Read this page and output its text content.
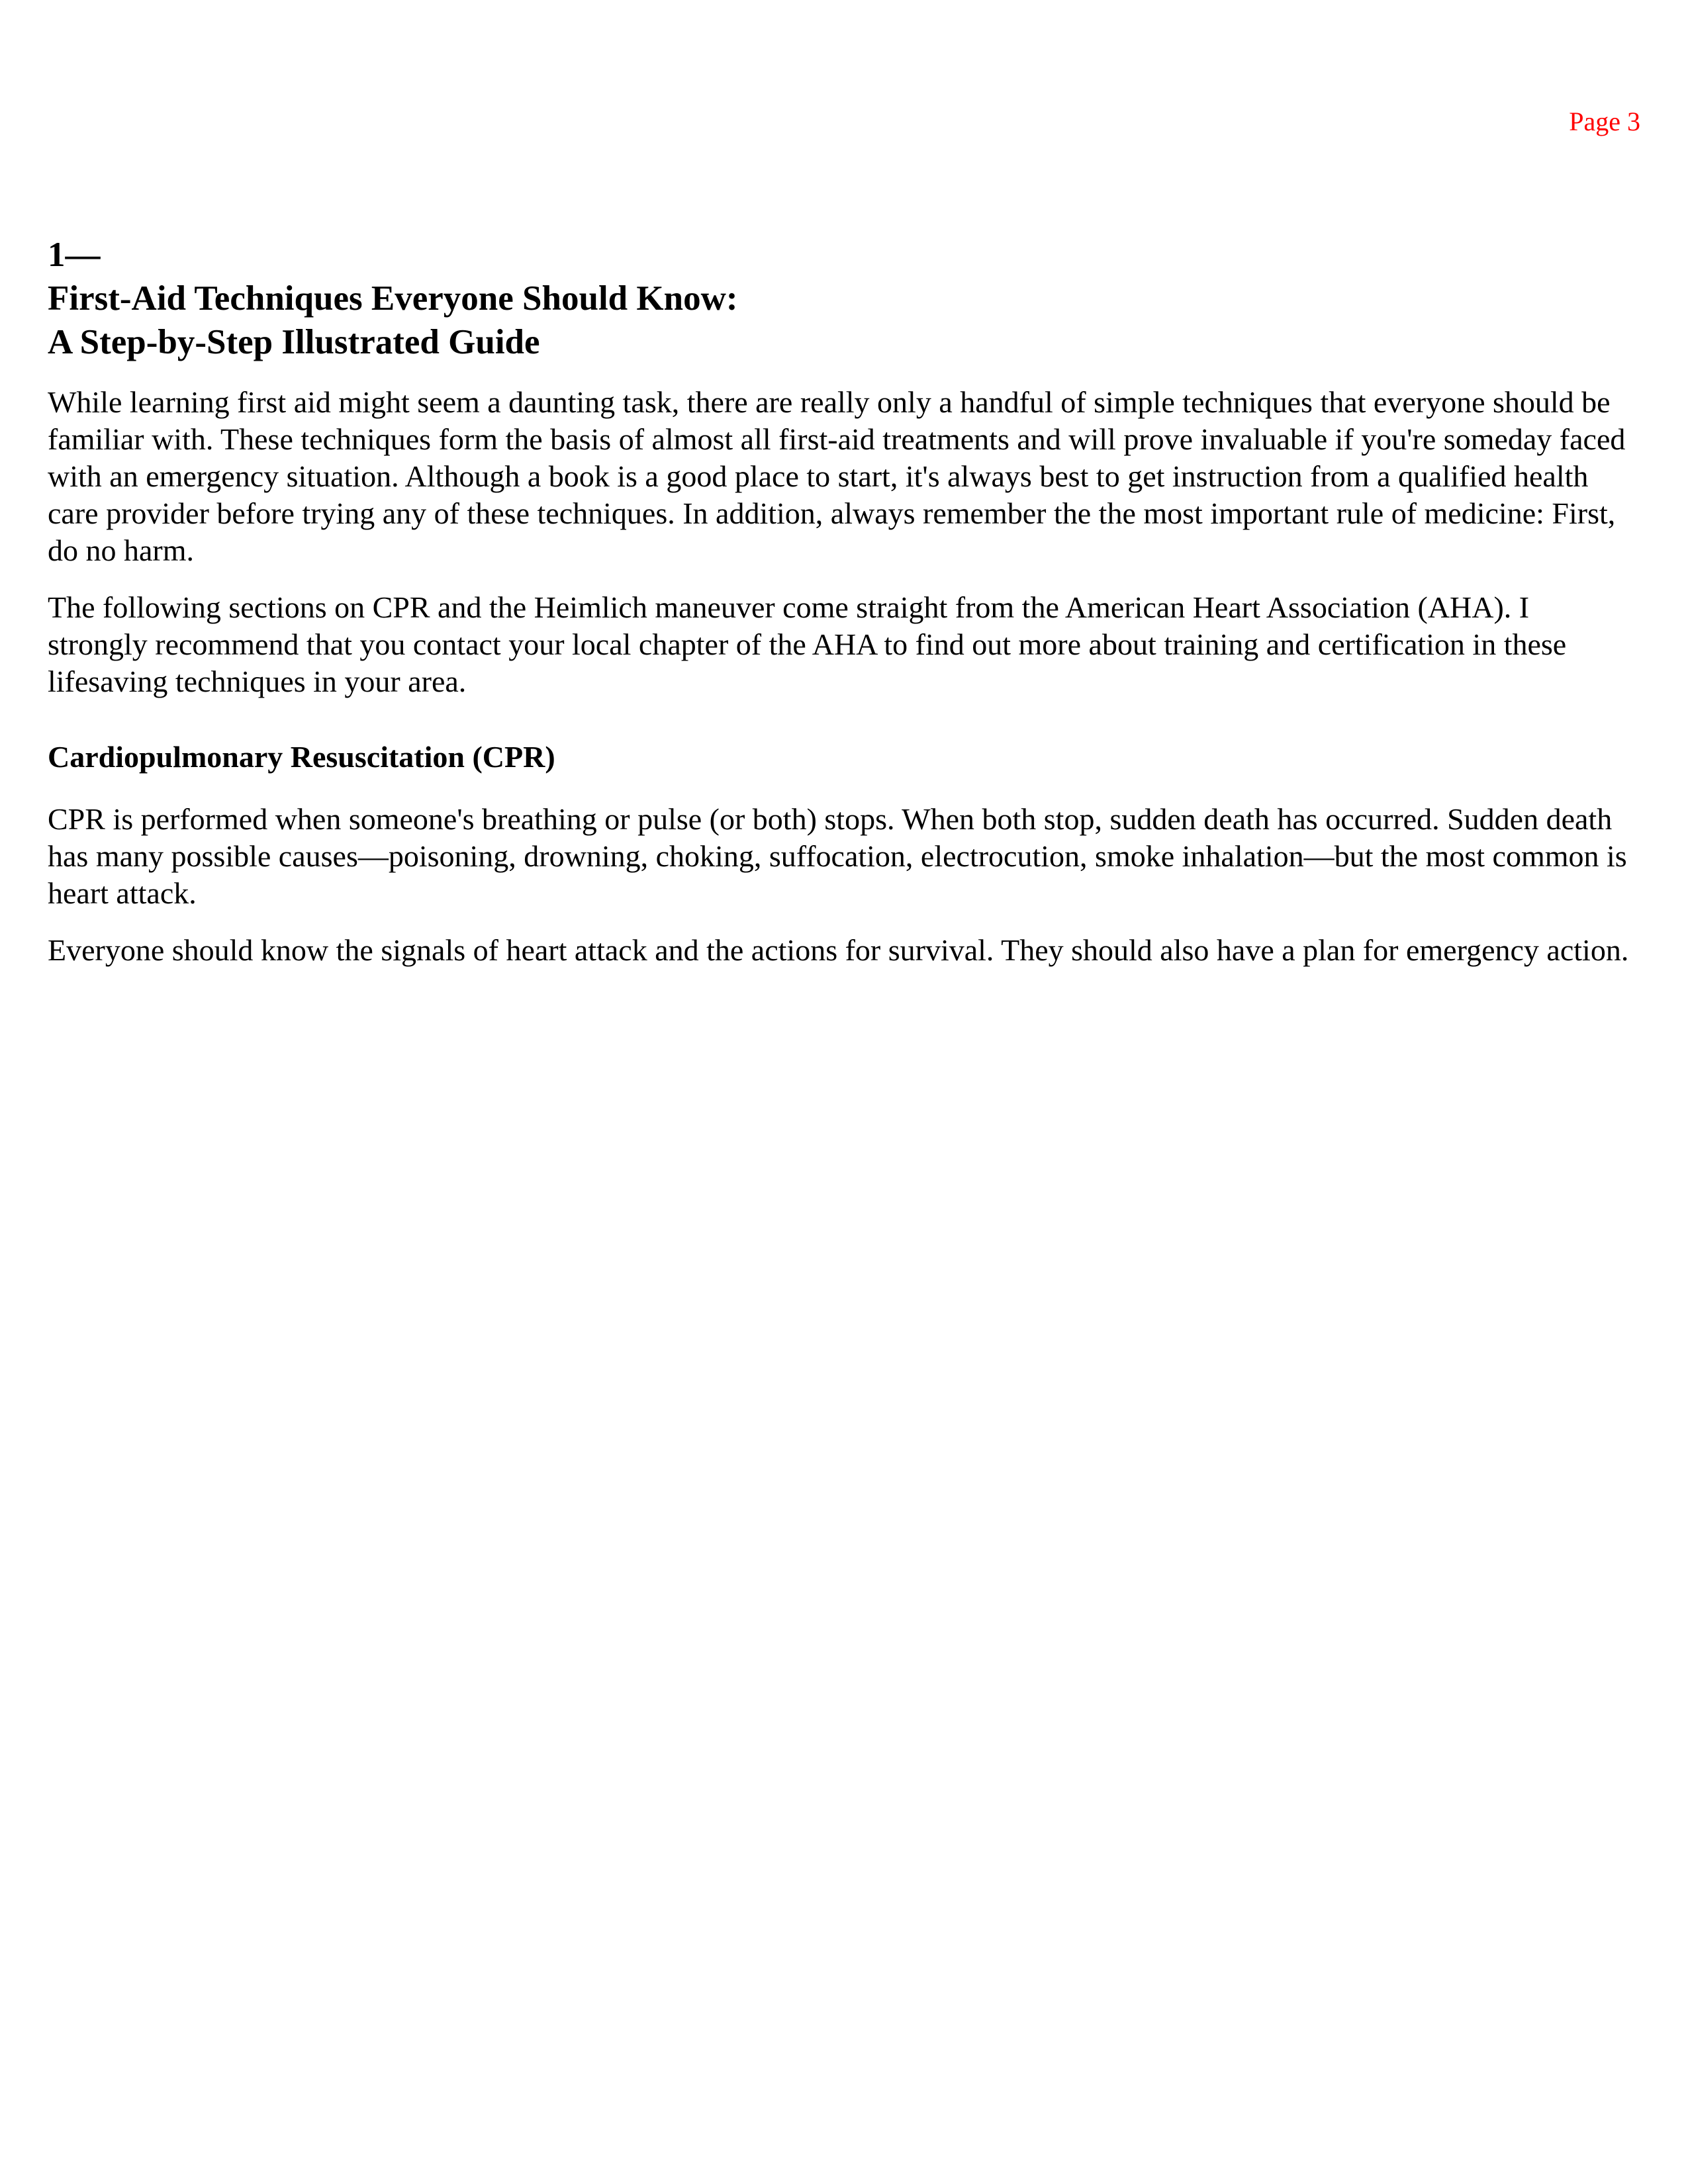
Page 3
1—
First-Aid Techniques Everyone Should Know:
A Step-by-Step Illustrated Guide

While learning first aid might seem a daunting task, there are really only a handful of simple techniques that everyone should be familiar with. These techniques form the basis of almost all first-aid treatments and will prove invaluable if you're someday faced with an emergency situation. Although a book is a good place to start, it's always best to get instruction from a qualified health care provider before trying any of these techniques. In addition, always remember the the most important rule of medicine: First, do no harm.

The following sections on CPR and the Heimlich maneuver come straight from the American Heart Association (AHA). I strongly recommend that you contact your local chapter of the AHA to find out more about training and certification in these lifesaving techniques in your area.

Cardiopulmonary Resuscitation (CPR)

CPR is performed when someone's breathing or pulse (or both) stops. When both stop, sudden death has occurred. Sudden death has many possible causes—poisoning, drowning, choking, suffocation, electrocution, smoke inhalation—but the most common is heart attack.

Everyone should know the signals of heart attack and the actions for survival. They should also have a plan for emergency action.
